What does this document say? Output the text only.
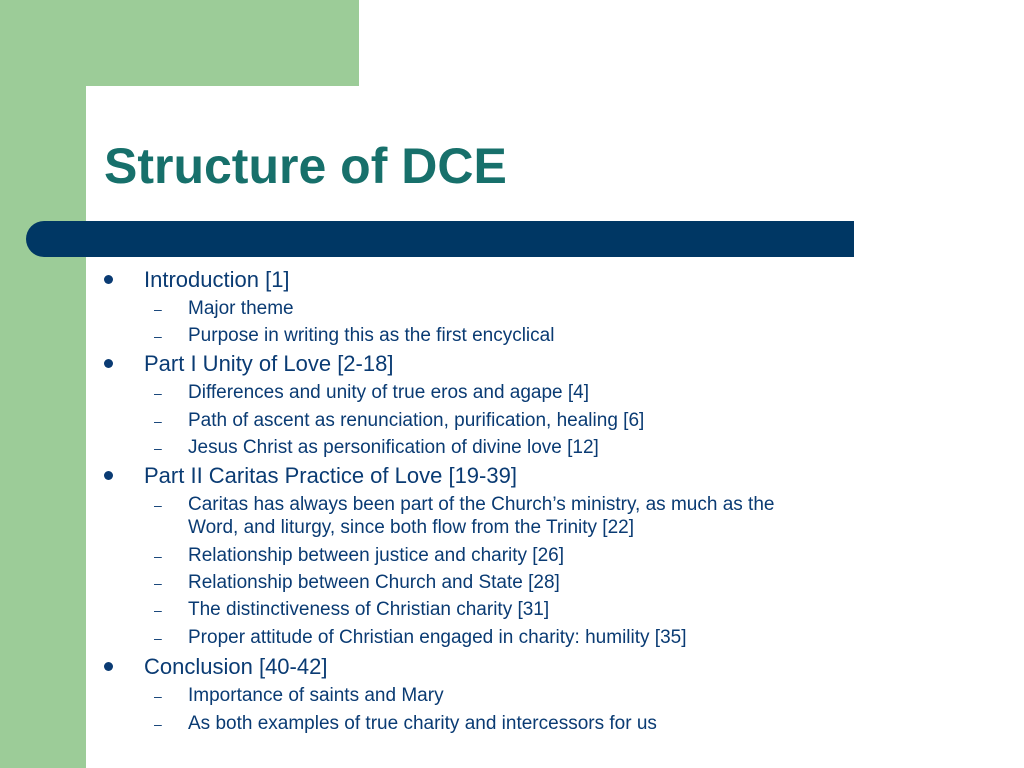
Structure of DCE
Introduction [1]
– Major theme
– Purpose in writing this as the first encyclical
Part I Unity of Love [2-18]
– Differences and unity of true eros and agape [4]
– Path of ascent as renunciation, purification, healing [6]
– Jesus Christ as personification of divine love [12]
Part II Caritas Practice of Love [19-39]
– Caritas has always been part of the Church’s ministry, as much as the
Word, and liturgy, since both flow from the Trinity [22]
– Relationship between justice and charity [26]
– Relationship between Church and State [28]
– The distinctiveness of Christian charity [31]
– Proper attitude of Christian engaged in charity: humility [35]
Conclusion [40-42]
– Importance of saints and Mary
– As both examples of true charity and intercessors for us
